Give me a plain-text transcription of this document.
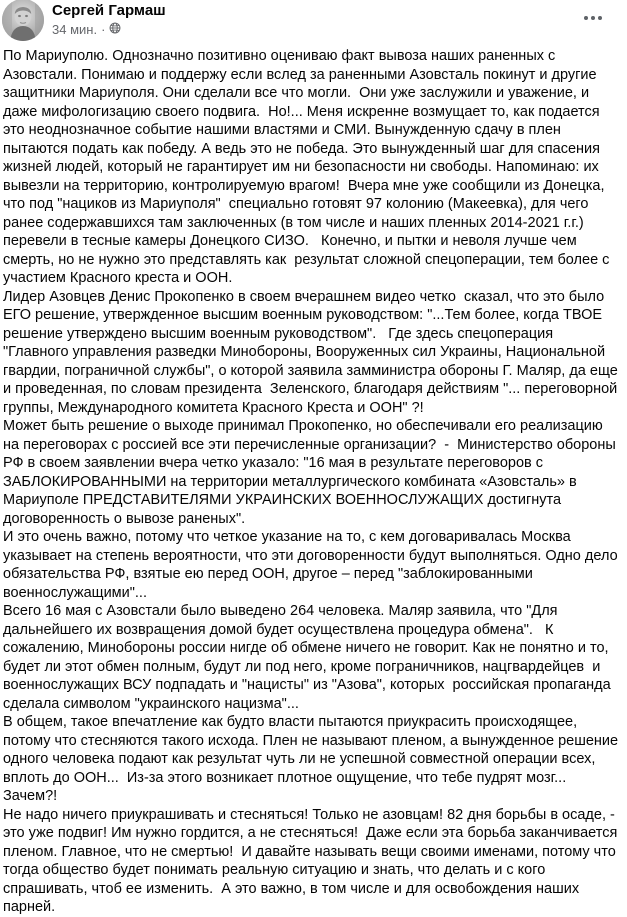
Сергей Гармаш
34 мин. ·
По Мариуполю. Однозначно позитивно оцениваю факт вывоза наших раненных с Азовстали. Понимаю и поддержу если вслед за раненными Азовсталь покинут и другие защитники Мариуполя. Они сделали все что могли.  Они уже заслужили и уважение, и даже мифологизацию своего подвига.  Но!... Меня искренне возмущает то, как подается это неоднозначное событие нашими властями и СМИ. Вынужденную сдачу в плен пытаются подать как победу. А ведь это не победа. Это вынужденный шаг для спасения жизней людей, который не гарантирует им ни безопасности ни свободы. Напоминаю: их вывезли на территорию, контролируемую врагом!  Вчера мне уже сообщили из Донецка, что под "нациков из Мариуполя"  специально готовят 97 колонию (Макеевка), для чего ранее содержавшихся там заключенных (в том числе и наших пленных 2014-2021 г.г.) перевели в тесные камеры Донецкого СИЗО.   Конечно, и пытки и неволя лучше чем смерть, но не нужно это представлять как  результат сложной спецоперации, тем более с участием Красного креста и ООН.
Лидер Азовцев Денис Прокопенко в своем вчерашнем видео четко  сказал, что это было ЕГО решение, утвержденное высшим военным руководством: "...Тем более, когда ТВОЕ решение утверждено высшим военным руководством".   Где здесь спецоперация "Главного управления разведки Минобороны, Вооруженных сил Украины, Национальной гвардии, пограничной службы", о которой заявила замминистра обороны Г. Маляр, да еще и проведенная, по словам президента  Зеленского, благодаря действиям "... переговорной группы, Международного комитета Красного Креста и ООН" ?!
Может быть решение о выходе принимал Прокопенко, но обеспечивали его реализацию на переговорах с россией все эти перечисленные организации?  -  Министерство обороны РФ в своем заявлении вчера четко указало: "16 мая в результате переговоров с ЗАБЛОКИРОВАННЫМИ на территории металлургического комбината «Азовсталь» в Мариуполе ПРЕДСТАВИТЕЛЯМИ УКРАИНСКИХ ВОЕННОСЛУЖАЩИХ достигнута договоренность о вывозе раненых".
И это очень важно, потому что четкое указание на то, с кем договаривалась Москва указывает на степень вероятности, что эти договоренности будут выполняться. Одно дело обязательства РФ, взятые ею перед ООН, другое – перед "заблокированными военнослужащими"...
Всего 16 мая с Азовстали было выведено 264 человека. Маляр заявила, что "Для дальнейшего их возвращения домой будет осуществлена процедура обмена".   К сожалению, Минобороны россии нигде об обмене ничего не говорит. Как не понятно и то, будет ли этот обмен полным, будут ли под него, кроме пограничников, нацгвардейцев  и военнослужащих ВСУ подпадать и "нацисты" из "Азова", которых  российская пропаганда сделала символом "украинского нацизма"...
В общем, такое впечатление как будто власти пытаются приукрасить происходящее, потому что стесняются такого исхода. Плен не называют пленом, а вынужденное решение одного человека подают как результат чуть ли не успешной совместной операции всех, вплоть до ООН...  Из-за этого возникает плотное ощущение, что тебе пудрят мозг... Зачем?!
Не надо ничего приукрашивать и стесняться! Только не азовцам! 82 дня борьбы в осаде, - это уже подвиг! Им нужно гордится, а не стесняться!  Даже если эта борьба заканчивается пленом. Главное, что не смертью!  И давайте называть вещи своими именами, потому что тогда общество будет понимать реальную ситуацию и знать, что делать и с кого спрашивать, чтоб ее изменить.  А это важно, в том числе и для освобождения наших парней.
